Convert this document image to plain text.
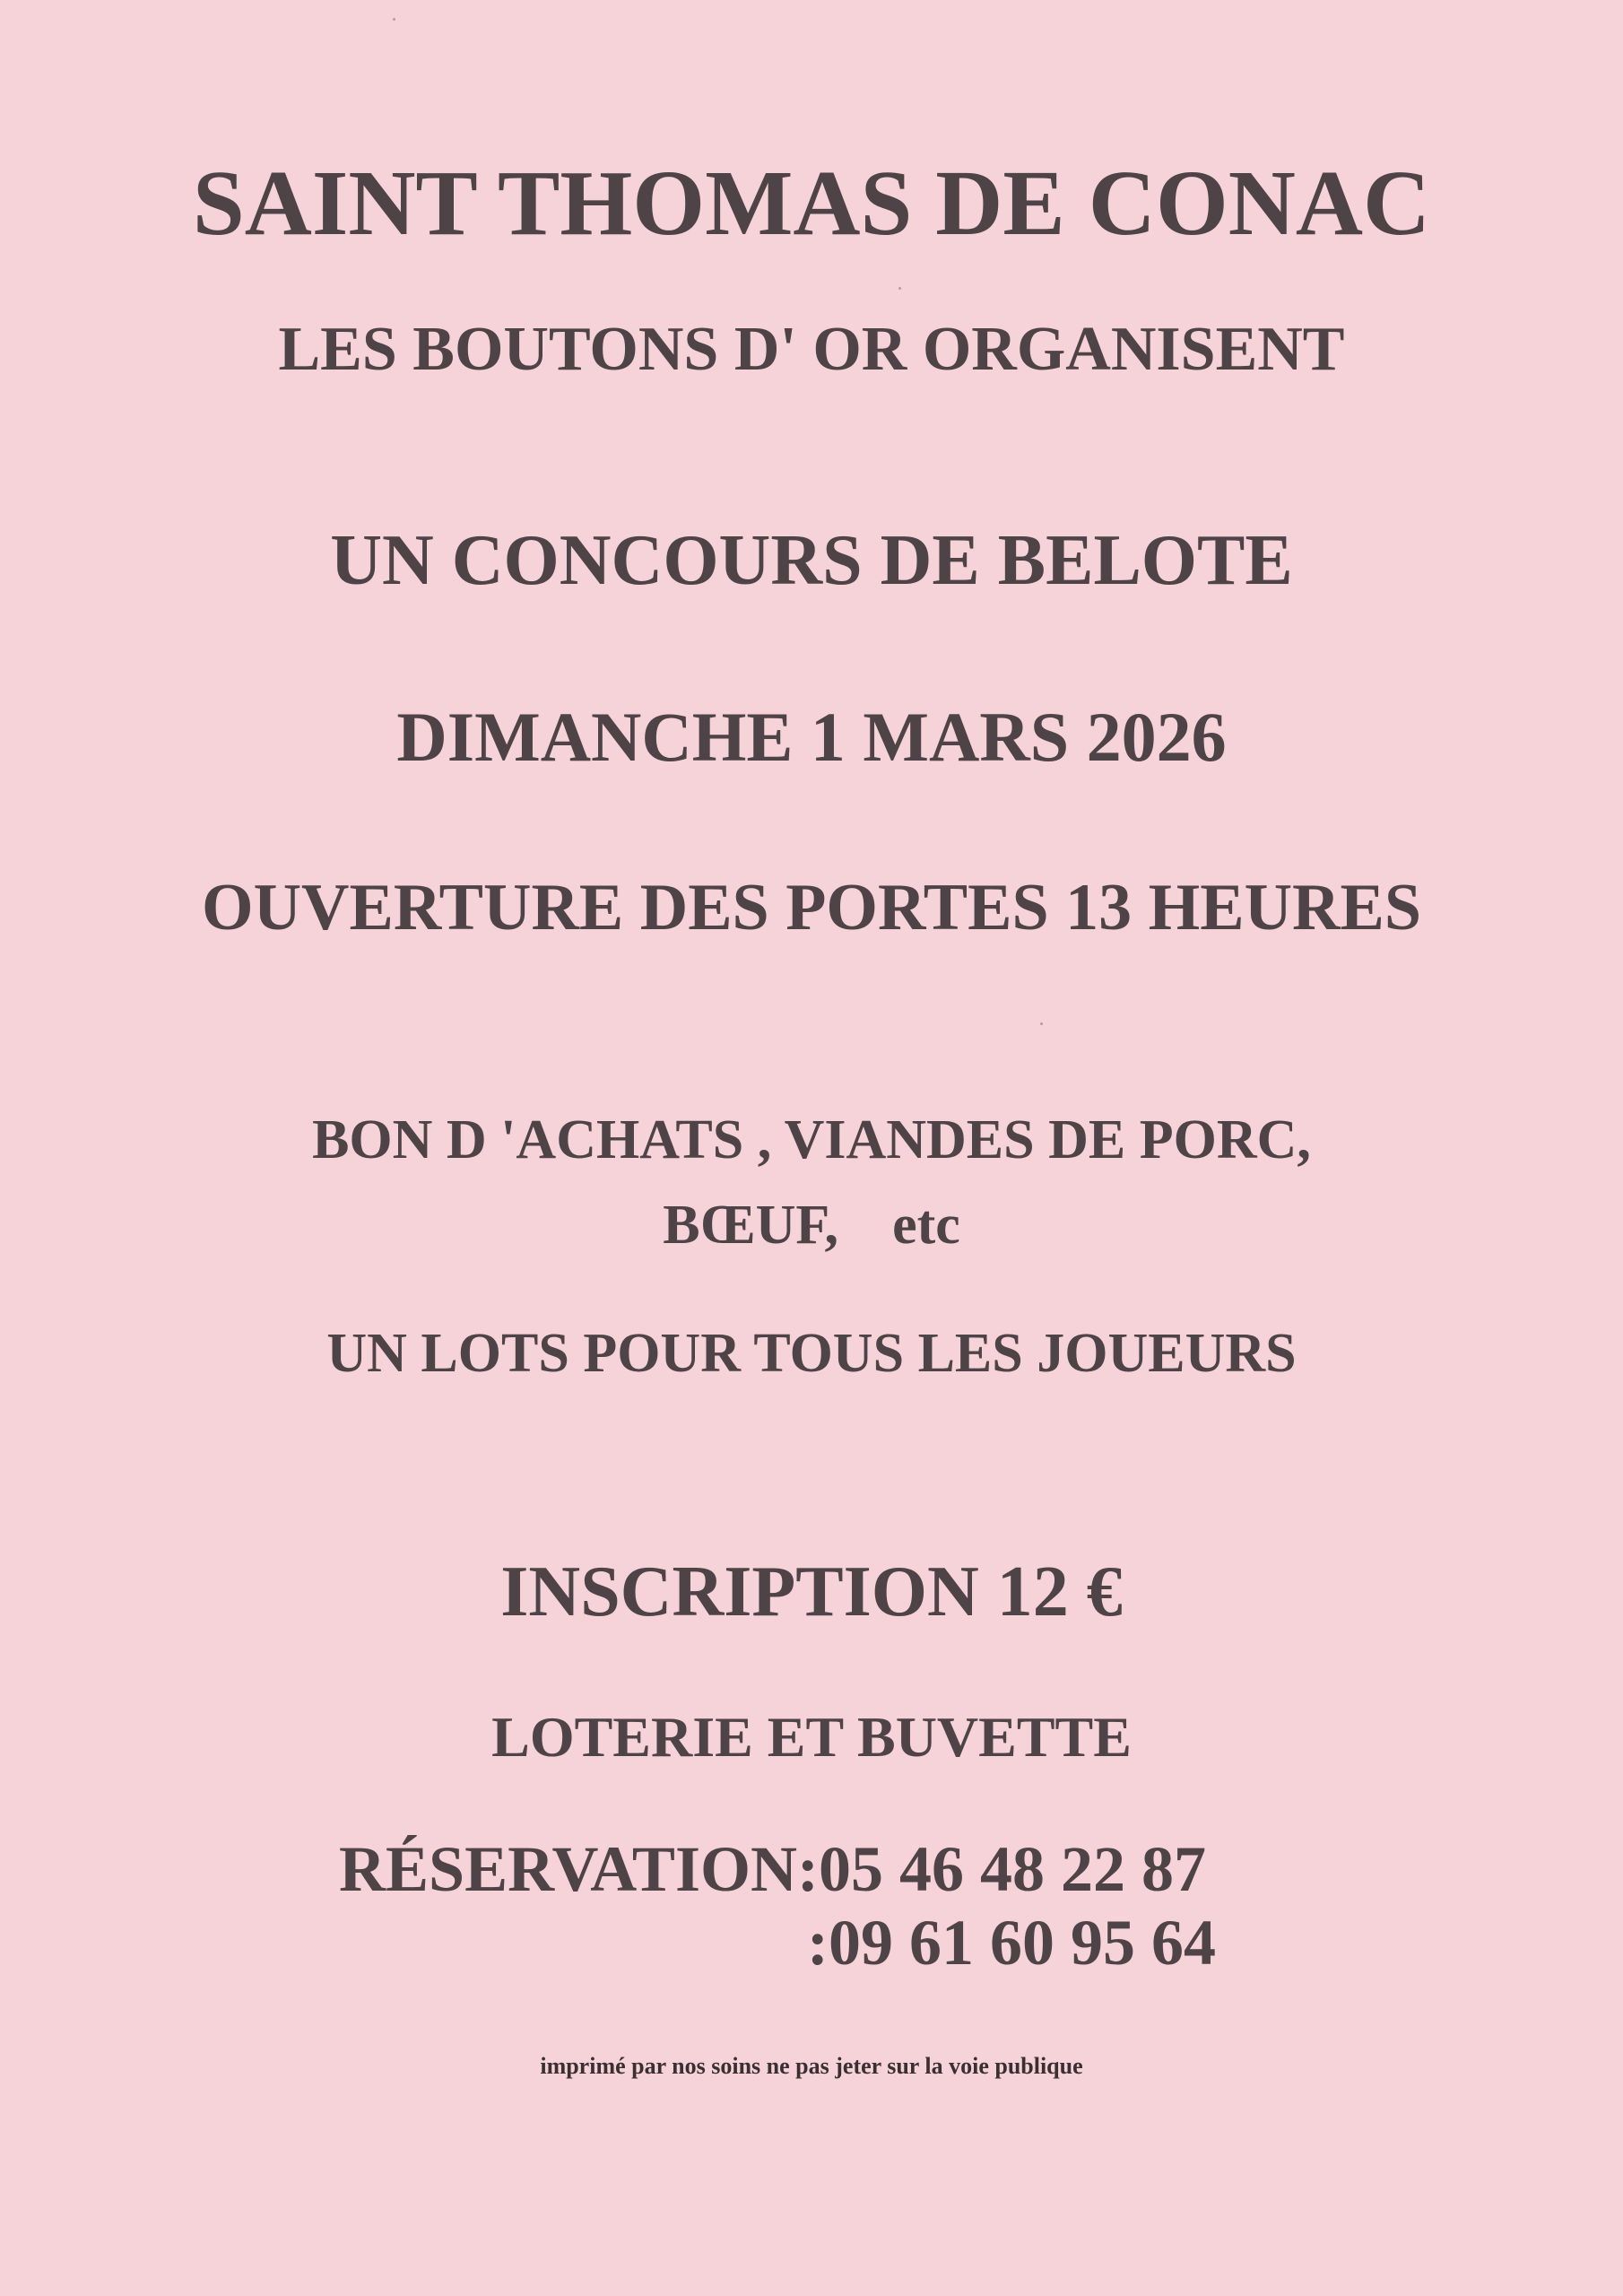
SAINT THOMAS DE CONAC

LES BOUTONS D' OR ORGANISENT

UN CONCOURS DE BELOTE

DIMANCHE 1 MARS 2026

OUVERTURE DES PORTES 13 HEURES

BON D 'ACHATS , VIANDES DE PORC,

BŒUF, etc

UN LOTS POUR TOUS LES JOUEURS

INSCRIPTION 12 €

LOTERIE ET BUVETTE

RÉSERVATION:05 46 48 22 87

:09 61 60 95 64

imprimé par nos soins ne pas jeter sur la voie publique
